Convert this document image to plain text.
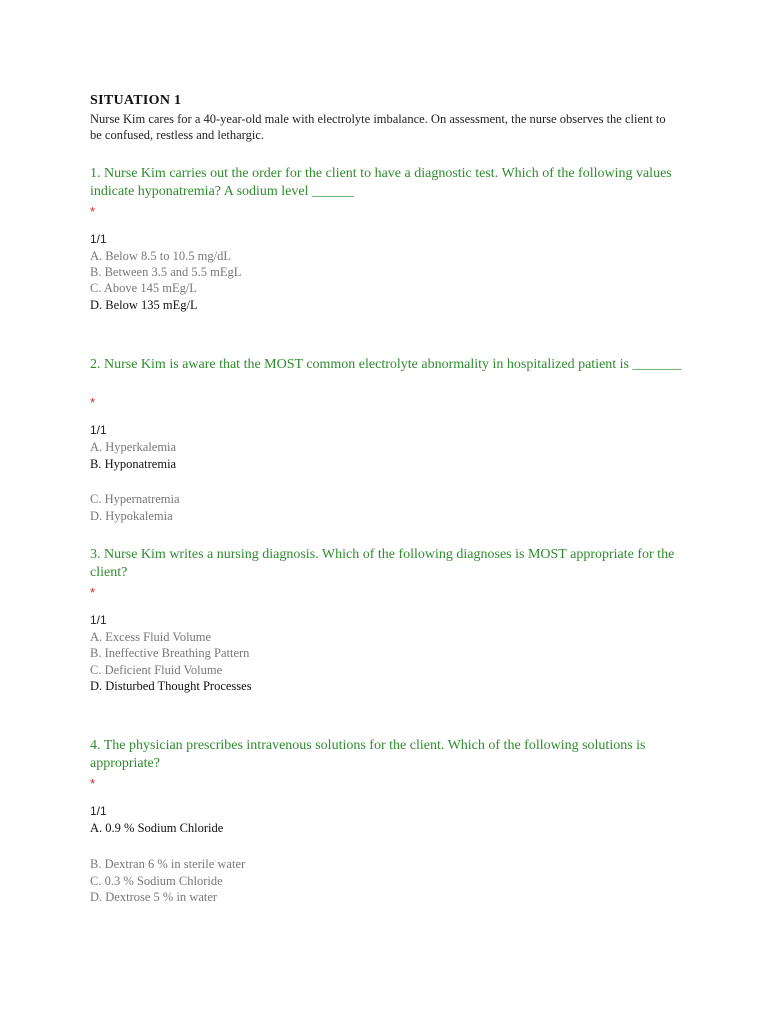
SITUATION 1
Nurse Kim cares for a 40-year-old male with electrolyte imbalance. On assessment, the nurse observes the client to be confused, restless and lethargic.
1. Nurse Kim carries out the order for the client to have a diagnostic test. Which of the following values indicate hyponatremia? A sodium level ______
*
1/1
A. Below 8.5 to 10.5 mg/dL
B. Between 3.5 and 5.5 mEgL
C. Above 145 mEg/L
D. Below 135 mEg/L
2. Nurse Kim is aware that the MOST common electrolyte abnormality in hospitalized patient is _______
*
1/1
A. Hyperkalemia
B. Hyponatremia
C. Hypernatremia
D. Hypokalemia
3. Nurse Kim writes a nursing diagnosis. Which of the following diagnoses is MOST appropriate for the client?
*
1/1
A. Excess Fluid Volume
B. Ineffective Breathing Pattern
C. Deficient Fluid Volume
D. Disturbed Thought Processes
4. The physician prescribes intravenous solutions for the client. Which of the following solutions is appropriate?
*
1/1
A. 0.9 % Sodium Chloride
B. Dextran 6 % in sterile water
C. 0.3 % Sodium Chloride
D. Dextrose 5 % in water
